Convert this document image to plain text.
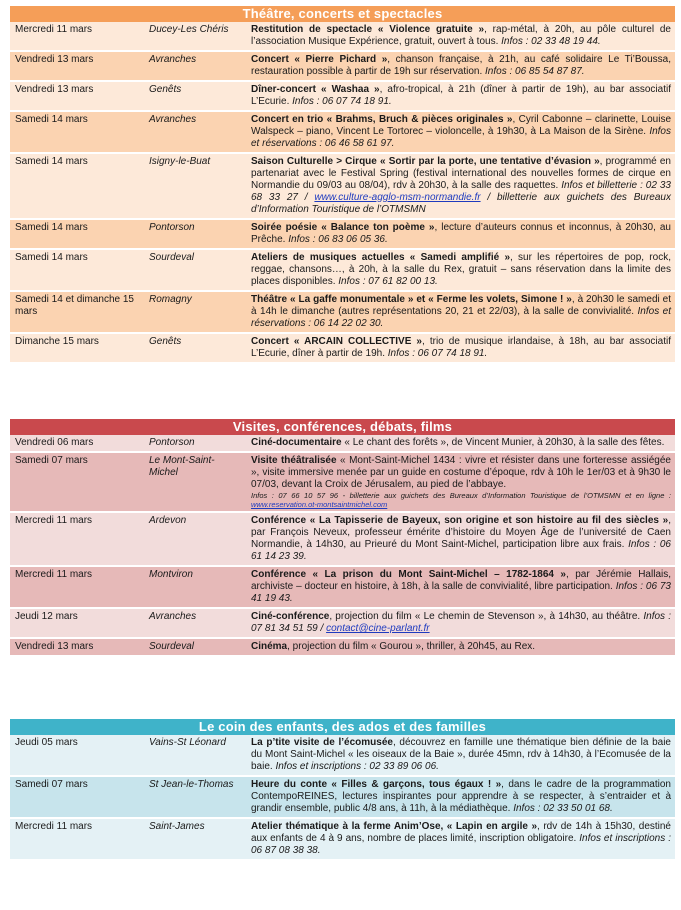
Théâtre, concerts et spectacles
Mercredi 11 mars	Ducey-Les Chéris	Restitution de spectacle « Violence gratuite », rap-métal, à 20h, au pôle culturel de l’association Musique Expérience, gratuit, ouvert à tous. Infos : 02 33 48 19 44.
Vendredi 13 mars	Avranches	Concert « Pierre Pichard », chanson française, à 21h, au café solidaire Le Ti’Boussa, restauration possible à partir de 19h sur réservation. Infos : 06 85 54 87 87.
Vendredi 13 mars	Genêts	Dîner-concert « Washaa », afro-tropical, à 21h (dîner à partir de 19h), au bar associatif L’Ecurie. Infos : 06 07 74 18 91.
Samedi 14 mars	Avranches	Concert en trio « Brahms, Bruch & pièces originales », Cyril Cabonne – clarinette, Louise Walspeck – piano, Vincent Le Tortorec – violoncelle, à 19h30, à La Maison de la Sirène. Infos et réservations : 06 46 58 61 97.
Samedi 14 mars	Isigny-le-Buat	Saison Culturelle > Cirque « Sortir par la porte, une tentative d’évasion », programmé en partenariat avec le Festival Spring (festival international des nouvelles formes de cirque en Normandie du 09/03 au 08/04), rdv à 20h30, à la salle des raquettes. Infos et billetterie : 02 33 68 33 27 / www.culture-agglo-msm-normandie.fr / billetterie aux guichets des Bureaux d’Information Touristique de l’OTMSMN
Samedi 14 mars	Pontorson	Soirée poésie « Balance ton poème », lecture d’auteurs connus et inconnus, à 20h30, au Prêche. Infos : 06 83 06 05 36.
Samedi 14 mars	Sourdeval	Ateliers de musiques actuelles « Samedi amplifié », sur les répertoires de pop, rock, reggae, chansons…, à 20h, à la salle du Rex, gratuit – sans réservation dans la limite des places disponibles. Infos : 07 61 82 00 13.
Samedi 14 et dimanche 15 mars	Romagny	Théâtre « La gaffe monumentale » et « Ferme les volets, Simone ! », à 20h30 le samedi et à 14h le dimanche (autres représentations 20, 21 et 22/03), à la salle de convivialité. Infos et réservations : 06 14 22 02 30.
Dimanche 15 mars	Genêts	Concert « ARCAIN COLLECTIVE », trio de musique irlandaise, à 18h, au bar associatif L’Ecurie, dîner à partir de 19h. Infos : 06 07 74 18 91.
Visites, conférences, débats, films
Vendredi 06 mars	Pontorson	Ciné-documentaire « Le chant des forêts », de Vincent Munier, à 20h30, à la salle des fêtes.
Samedi 07 mars	Le Mont-Saint-Michel	Visite théâtralisée « Mont-Saint-Michel 1434 : vivre et résister dans une forteresse assiégée », visite immersive menée par un guide en costume d’époque, rdv à 10h le 1er/03 et à 9h30 le 07/03, devant la Croix de Jérusalem, au pied de l’abbaye.
Infos : 07 66 10 57 96 - billetterie aux guichets des Bureaux d’Information Touristique de l’OTMSMN et en ligne : www.reservation.ot-montsaintmichel.com

Mercredi 11 mars	Ardevon	Conférence « La Tapisserie de Bayeux, son origine et son histoire au fil des siècles », par François Neveux, professeur émérite d’histoire du Moyen Âge de l’université de Caen Normandie, à 14h30, au Prieuré du Mont Saint-Michel, participation libre aux frais. Infos : 06 61 14 23 39.
Mercredi 11 mars	Montviron	Conférence « La prison du Mont Saint-Michel – 1782-1864 », par Jérémie Hallais, archiviste – docteur en histoire, à 18h, à la salle de convivialité, libre participation. Infos : 06 73 41 19 43.
Jeudi 12 mars	Avranches	Ciné-conférence, projection du film « Le chemin de Stevenson », à 14h30, au théâtre. Infos : 07 81 34 51 59 / contact@cine-parlant.fr
Vendredi 13 mars	Sourdeval	Cinéma, projection du film « Gourou », thriller, à 20h45, au Rex.
Le coin des enfants, des ados et des familles
Jeudi 05 mars	Vains-St Léonard	La p’tite visite de l’écomusée, découvrez en famille une thématique bien définie de la baie du Mont Saint-Michel « les oiseaux de la Baie », durée 45mn, rdv à 14h30, à l’Ecomusée de la baie. Infos et inscriptions : 02 33 89 06 06.
Samedi 07 mars	St Jean-le-Thomas	Heure du conte « Filles & garçons, tous égaux ! », dans le cadre de la programmation ContempoREINES, lectures inspirantes pour apprendre à se respecter, à s’entraider et à grandir ensemble, public 4/8 ans, à 11h, à la médiathèque. Infos : 02 33 50 01 68.
Mercredi 11 mars	Saint-James	Atelier thématique à la ferme Anim’Ose, « Lapin en argile », rdv de 14h à 15h30, destiné aux enfants de 4 à 9 ans, nombre de places limité, inscription obligatoire. Infos et inscriptions : 06 87 08 38 38.
